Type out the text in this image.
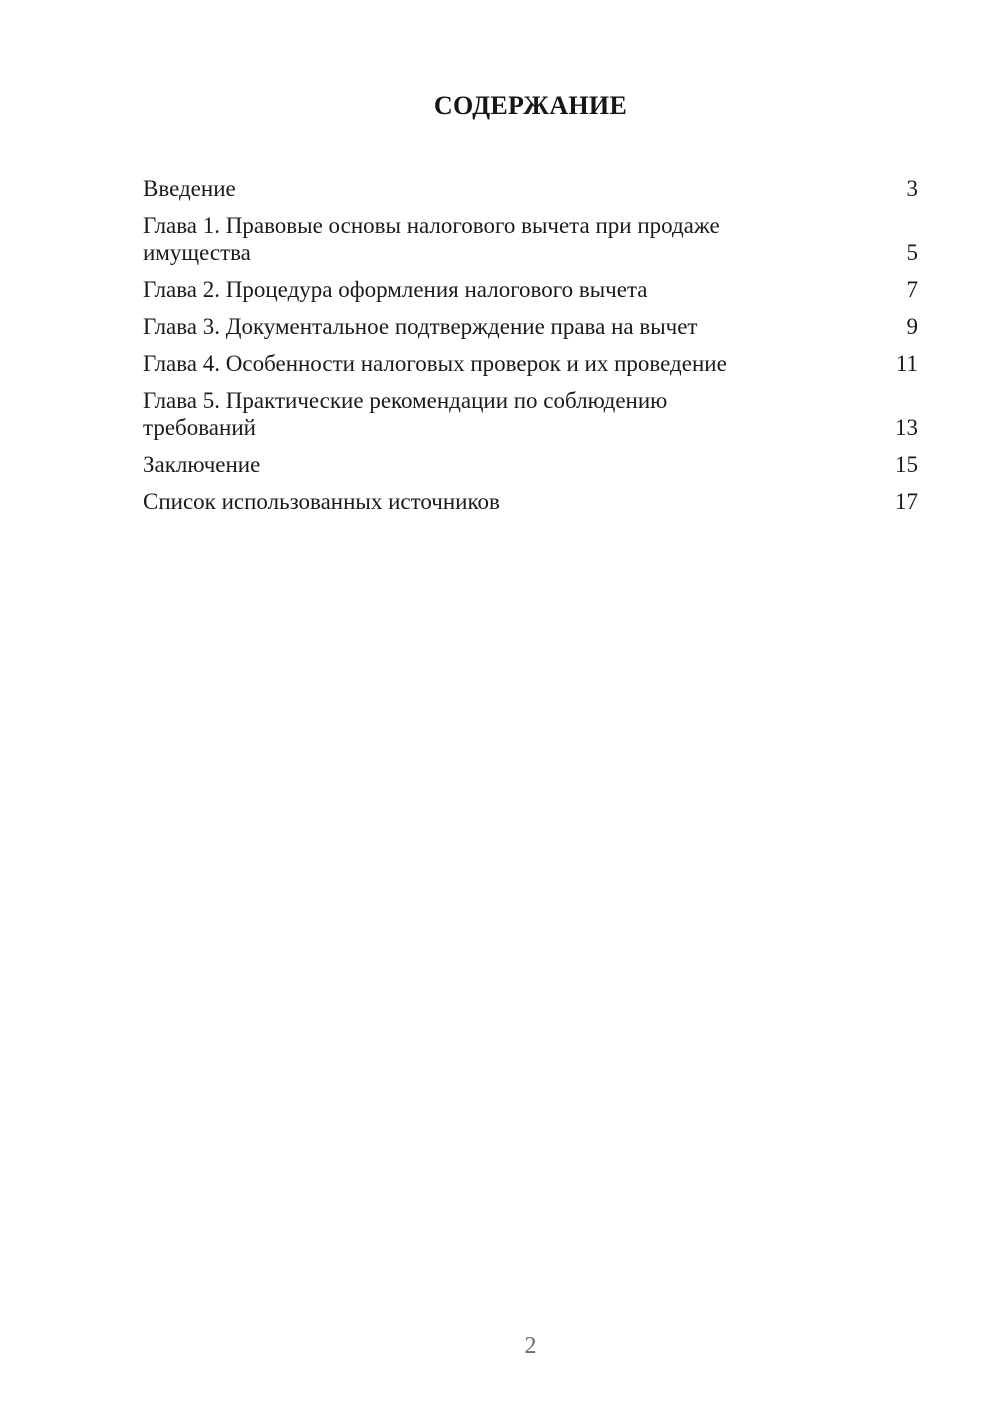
СОДЕРЖАНИЕ
Введение	3
Глава 1. Правовые основы налогового вычета при продаже
имущества	5
Глава 2. Процедура оформления налогового вычета	7
Глава 3. Документальное подтверждение права на вычет	9
Глава 4. Особенности налоговых проверок и их проведение	11
Глава 5. Практические рекомендации по соблюдению
требований	13
Заключение	15
Список использованных источников	17
2
